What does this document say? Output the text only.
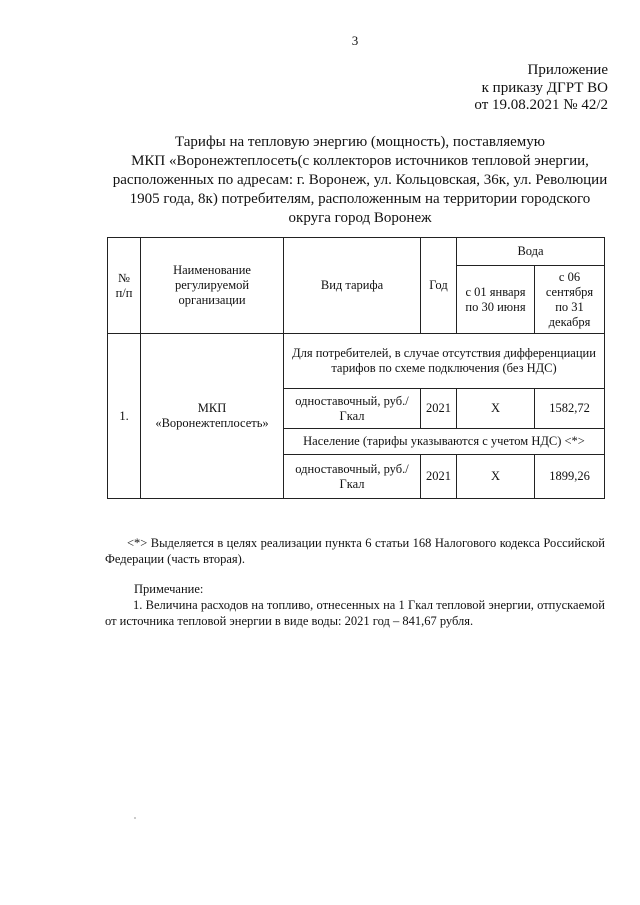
3
Приложение
к приказу ДГРТ ВО
от 19.08.2021 № 42/2
Тарифы на тепловую энергию (мощность), поставляемую
МКП «Воронежтеплосеть(с коллекторов источников тепловой энергии,
расположенных по адресам: г. Воронеж, ул. Кольцовская, 36к, ул. Революции
1905 года, 8к) потребителям, расположенным на территории городского
округа город Воронеж
№ п/п	Наименование регулируемой организации	Вид тарифа	Год	Вода	
				с 01 января по 30 июня	с 06 сентября по 31 декабря
1.	МКП
«Воронежтеплосеть»	Для потребителей, в случае отсутствия дифференциации тарифов по схеме подключения (без НДС)			
		одноставочный, руб./Гкал	2021	Х	1582,72
		Население (тарифы указываются с учетом НДС) <*>			
		одноставочный, руб./Гкал	2021	Х	1899,26
<*> Выделяется в целях реализации пункта 6 статьи 168 Налогового кодекса Российской Федерации (часть вторая).
Примечание:
1. Величина расходов на топливо, отнесенных на 1 Гкал тепловой энергии, отпускаемой от источника тепловой энергии в виде воды: 2021 год – 841,67 рубля.
